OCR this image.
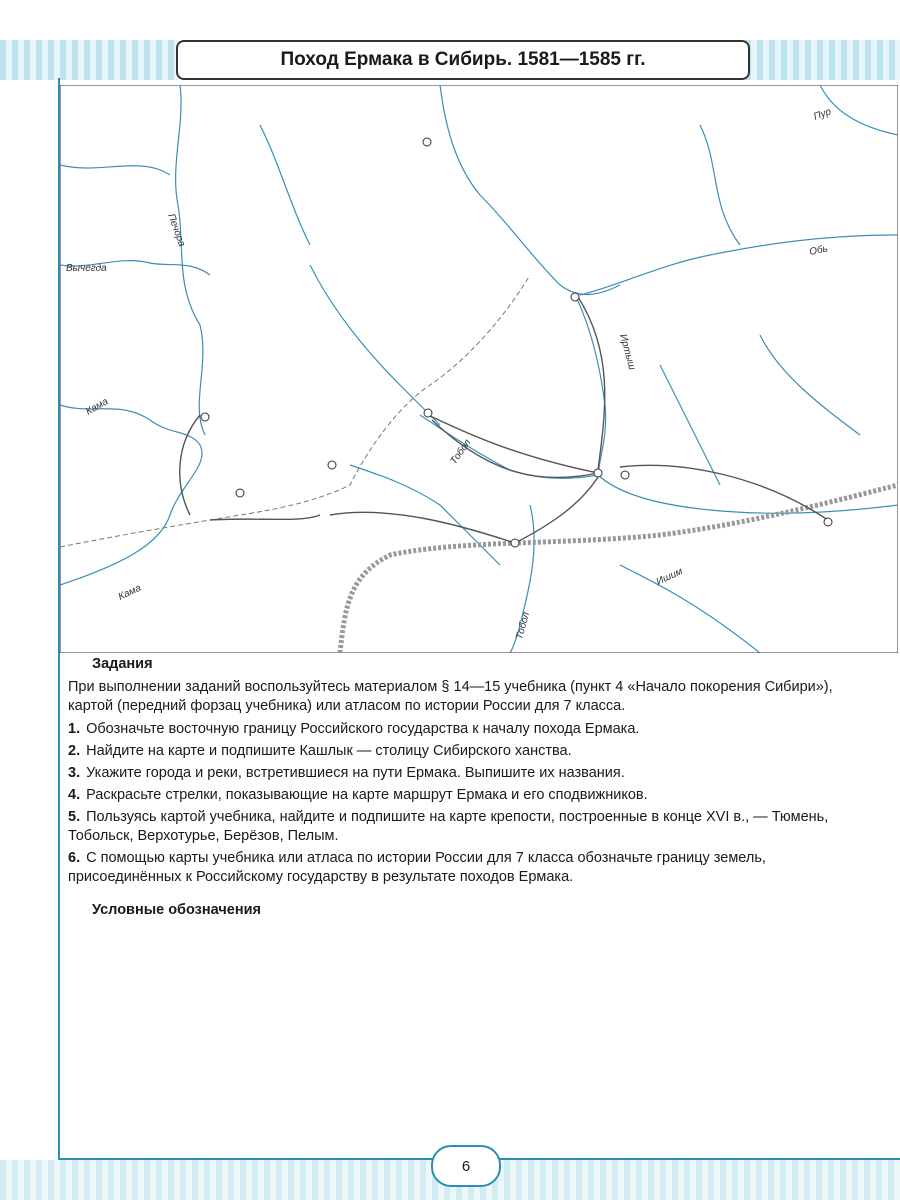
Поход Ермака в Сибирь. 1581—1585 гг.
Печора
Вычегда
Кама
Кама
Обь
Пур
Иртыш
Тобол
Тобол
Ишим
Задания
При выполнении заданий воспользуйтесь материалом § 14—15 учебника (пункт 4 «Начало покорения Сибири»), картой (передний форзац учебника) или атласом по истории России для 7 класса.
1. Обозначьте восточную границу Российского государства к началу похода Ермака.
2. Найдите на карте и подпишите Кашлык — столицу Сибирского ханства.
3. Укажите города и реки, встретившиеся на пути Ермака. Выпишите их названия.
4. Раскрасьте стрелки, показывающие на карте маршрут Ермака и его сподвижников.
5. Пользуясь картой учебника, найдите и подпишите на карте крепости, построенные в конце XVI в., — Тюмень, Тобольск, Верхотурье, Берёзов, Пелым.
6. С помощью карты учебника или атласа по истории России для 7 класса обозначьте границу земель, присоединённых к Российскому государству в результате походов Ермака.
Условные обозначения
6
